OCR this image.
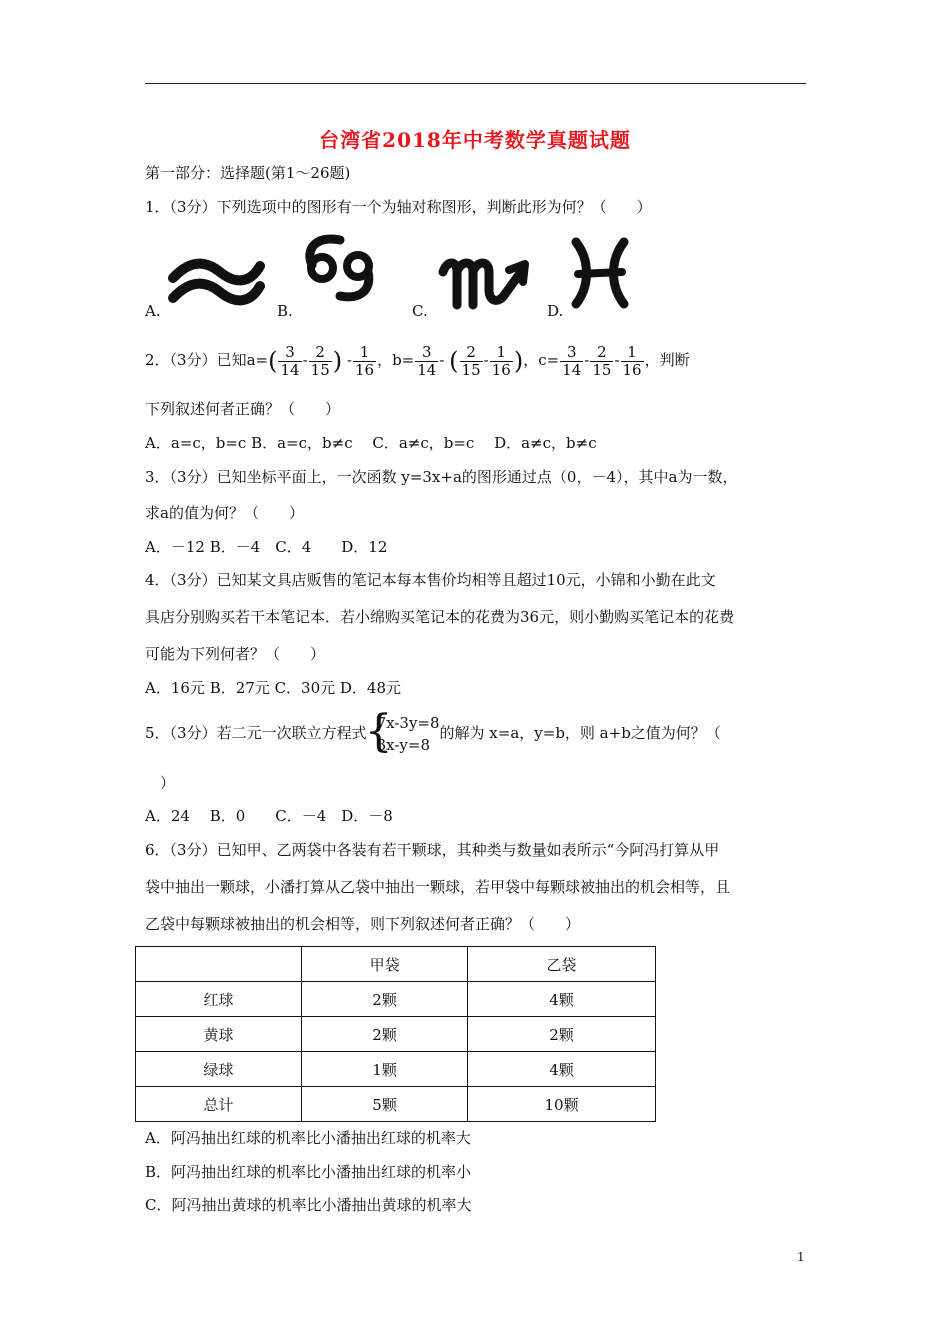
台湾省2018年中考数学真题试题
第一部分：选择题(第1～26题)
1．（3分）下列选项中的图形有一个为轴对称图形，判断此形为何？（　　）
A.	B.	C.	D.
2．（3分）已知$a=( \frac{3}{14} - \frac{2}{15}$ ) - $\frac{1}{16}$ ，$b= \frac{3}{14}$ - ( $\frac{2}{15} - \frac{1}{16}$ )，$c= \frac{3}{14} - \frac{2}{15} - \frac{1}{16}$ ，判断
下列叙述何者正确？（　　）
A．a=c，b=c B．a=c，b≠c　 C．a≠c，b=c　 D．a≠c，b≠c
3．（3分）已知坐标平面上，一次函数 y=3x+a的图形通过点（0，－4），其中a为一数，
求a的值为何？（　　）
A．－12 B．－4　C．4　　D．12
4．（3分）已知某文具店贩售的笔记本每本售价均相等且超过10元，小锦和小勤在此文
具店分别购买若干本笔记本．若小绵购买笔记本的花费为36元，则小勤购买笔记本的花费
可能为下列何者？（　　）
A．16元 B．27元 C．30元 D．48元
5．（3分）若二元一次联立方程式
{
7x-3y=8
3x-y=8
的解为 x=a，y=b，则 a+b之值为何？（
）
A．24　 B．0　　C．－4　D．－8
6．（3分）已知甲、乙两袋中各装有若干颗球，其种类与数量如表所示“今阿冯打算从甲
袋中抽出一颗球，小潘打算从乙袋中抽出一颗球，若甲袋中每颗球被抽出的机会相等，且
乙袋中每颗球被抽出的机会相等，则下列叙述何者正确？（　　）
	甲袋	乙袋
红球	2颗	4颗
黄球	2颗	2颗
绿球	1颗	4颗
总计	5颗	10颗
A．阿冯抽出红球的机率比小潘抽出红球的机率大
B．阿冯抽出红球的机率比小潘抽出红球的机率小
C．阿冯抽出黄球的机率比小潘抽出黄球的机率大
1
